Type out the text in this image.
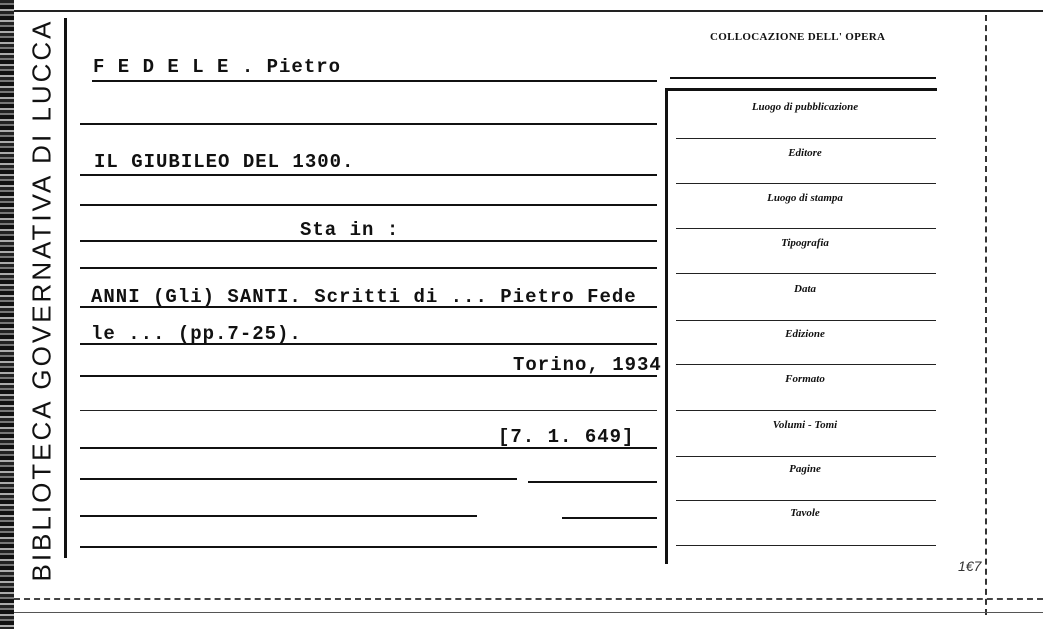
BIBLIOTECA GOVERNATIVA DI LUCCA F E D E L E . Pietro
IL GIUBILEO DEL 1300.
Sta in :
ANNI (Gli) SANTI. Scritti di ... Pietro Fede
le ... (pp.7-25).
Torino, 1934
[7. 1. 649]
COLLOCAZIONE DELL' OPERA
Luogo di pubblicazione
Editore
Luogo di stampa
Tipografia
Data
Edizione
Formato
Volumi - Tomi
Pagine
Tavole
1€7
